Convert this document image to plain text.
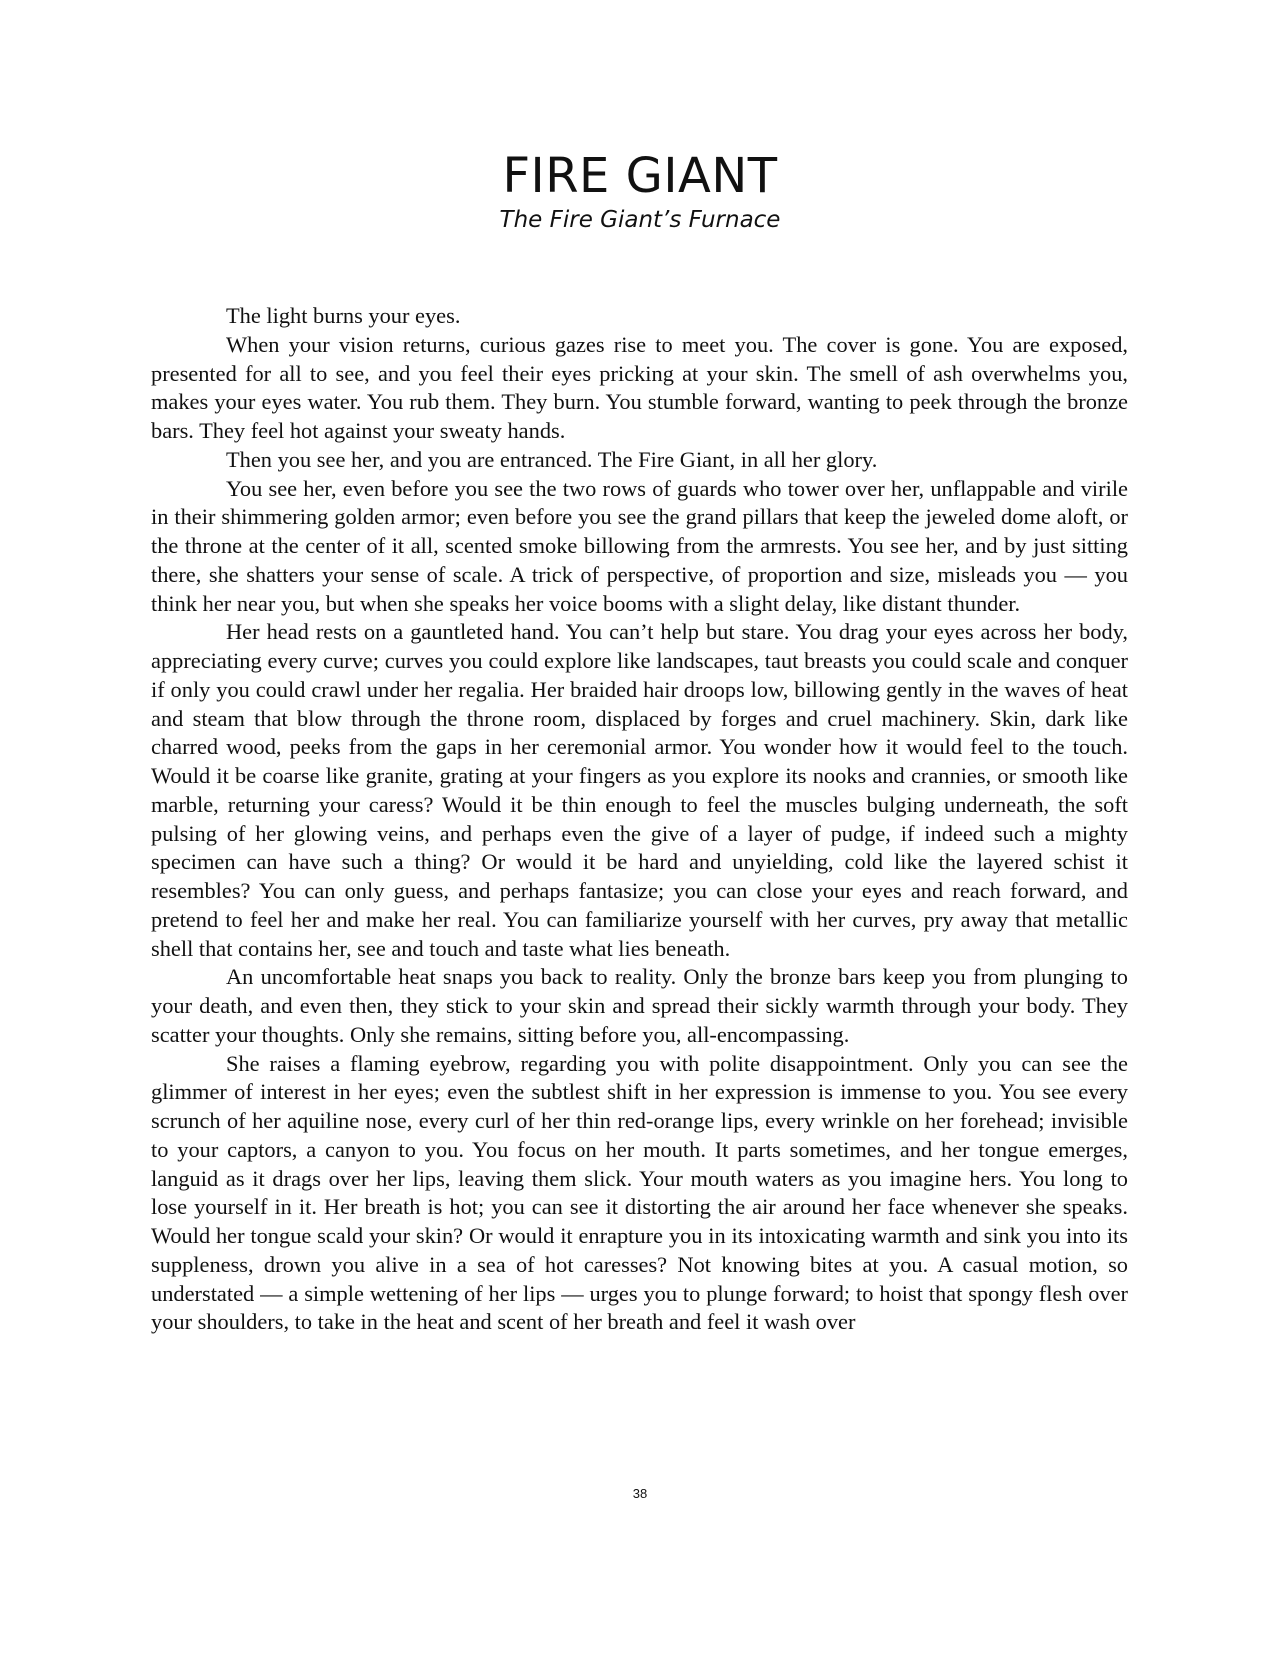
FIRE GIANT

The Fire Giant’s Furnace

The light burns your eyes.

When your vision returns, curious gazes rise to meet you. The cover is gone. You are exposed, presented for all to see, and you feel their eyes pricking at your skin. The smell of ash overwhelms you, makes your eyes water. You rub them. They burn. You stumble forward, wanting to peek through the bronze bars. They feel hot against your sweaty hands.

Then you see her, and you are entranced. The Fire Giant, in all her glory.

You see her, even before you see the two rows of guards who tower over her, unflappable and virile in their shimmering golden armor; even before you see the grand pillars that keep the jeweled dome aloft, or the throne at the center of it all, scented smoke billowing from the armrests. You see her, and by just sitting there, she shatters your sense of scale. A trick of perspective, of proportion and size, misleads you — you think her near you, but when she speaks her voice booms with a slight delay, like distant thunder.

Her head rests on a gauntleted hand. You can’t help but stare. You drag your eyes across her body, appreciating every curve; curves you could explore like landscapes, taut breasts you could scale and conquer if only you could crawl under her regalia. Her braided hair droops low, billowing gently in the waves of heat and steam that blow through the throne room, displaced by forges and cruel machinery. Skin, dark like charred wood, peeks from the gaps in her ceremonial armor. You wonder how it would feel to the touch. Would it be coarse like granite, grating at your fingers as you explore its nooks and crannies, or smooth like marble, returning your caress? Would it be thin enough to feel the muscles bulging underneath, the soft pulsing of her glowing veins, and perhaps even the give of a layer of pudge, if indeed such a mighty specimen can have such a thing? Or would it be hard and unyielding, cold like the layered schist it resembles? You can only guess, and perhaps fantasize; you can close your eyes and reach forward, and pretend to feel her and make her real. You can familiarize yourself with her curves, pry away that metallic shell that contains her, see and touch and taste what lies beneath.

An uncomfortable heat snaps you back to reality. Only the bronze bars keep you from plunging to your death, and even then, they stick to your skin and spread their sickly warmth through your body. They scatter your thoughts. Only she remains, sitting before you, all-encompassing.

She raises a flaming eyebrow, regarding you with polite disappointment. Only you can see the glimmer of interest in her eyes; even the subtlest shift in her expression is immense to you. You see every scrunch of her aquiline nose, every curl of her thin red-orange lips, every wrinkle on her forehead; invisible to your captors, a canyon to you. You focus on her mouth. It parts sometimes, and her tongue emerges, languid as it drags over her lips, leaving them slick. Your mouth waters as you imagine hers. You long to lose yourself in it. Her breath is hot; you can see it distorting the air around her face whenever she speaks. Would her tongue scald your skin? Or would it enrapture you in its intoxicating warmth and sink you into its suppleness, drown you alive in a sea of hot caresses? Not knowing bites at you. A casual motion, so understated — a simple wettening of her lips — urges you to plunge forward; to hoist that spongy flesh over your shoulders, to take in the heat and scent of her breath and feel it wash over

38
